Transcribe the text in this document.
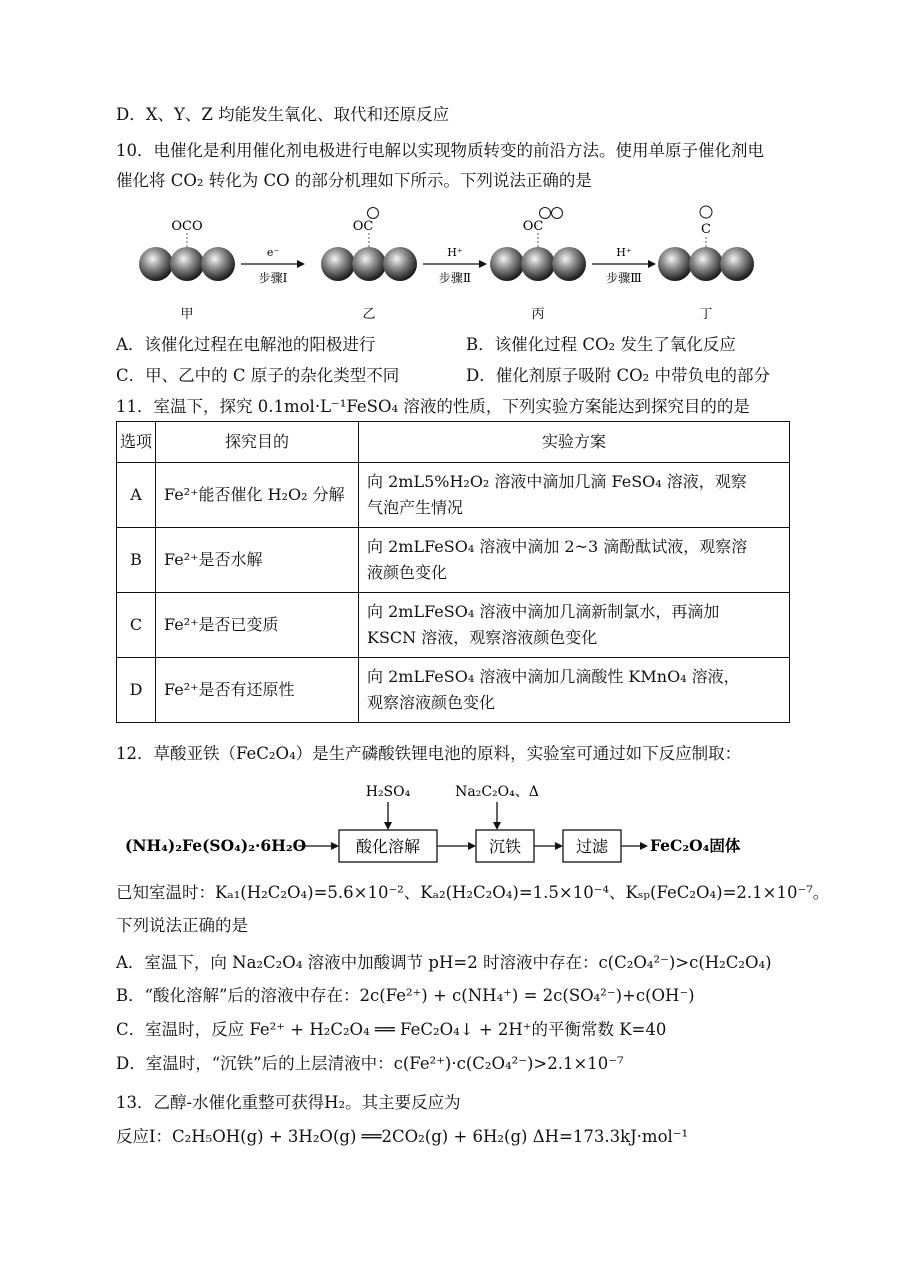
D．X、Y、Z 均能发生氧化、取代和还原反应
10．电催化是利用催化剂电极进行电解以实现物质转变的前沿方法。使用单原子催化剂电
催化将 CO₂ 转化为 CO 的部分机理如下所示。下列说法正确的是
OCO
e⁻
步骤Ⅰ
OC
H⁺
步骤Ⅱ
OC
H⁺
步骤Ⅲ
C
甲	乙	丙	丁
A．该催化过程在电解池的阳极进行	B．该催化过程 CO₂ 发生了氧化反应
C．甲、乙中的 C 原子的杂化类型不同	D．催化剂原子吸附 CO₂ 中带负电的部分
11．室温下，探究 0.1mol·L⁻¹FeSO₄ 溶液的性质，下列实验方案能达到探究目的的是
选项	探究目的	实验方案
A	Fe²⁺能否催化 H₂O₂ 分解	向 2mL5%H₂O₂ 溶液中滴加几滴 FeSO₄ 溶液，观察
气泡产生情况

B	Fe²⁺是否水解	向 2mLFeSO₄ 溶液中滴加 2~3 滴酚酞试液，观察溶
液颜色变化

C	Fe²⁺是否已变质	向 2mLFeSO₄ 溶液中滴加几滴新制氯水，再滴加
KSCN 溶液，观察溶液颜色变化

D	Fe²⁺是否有还原性	向 2mLFeSO₄ 溶液中滴加几滴酸性 KMnO₄ 溶液，
观察溶液颜色变化
12．草酸亚铁（FeC₂O₄）是生产磷酸铁锂电池的原料，实验室可通过如下反应制取：
(NH₄)₂Fe(SO₄)₂·6H₂O	酸化溶解
H₂SO₄
沉铁
Na₂C₂O₄、Δ
过滤	FeC₂O₄固体
已知室温时：Kₐ₁(H₂C₂O₄)=5.6×10⁻²、Kₐ₂(H₂C₂O₄)=1.5×10⁻⁴、Kₛₚ(FeC₂O₄)=2.1×10⁻⁷。
下列说法正确的是
A．室温下，向 Na₂C₂O₄ 溶液中加酸调节 pH=2 时溶液中存在：c(C₂O₄²⁻)>c(H₂C₂O₄)
B．“酸化溶解”后的溶液中存在：2c(Fe²⁺) + c(NH₄⁺) = 2c(SO₄²⁻)+c(OH⁻)
C．室温时，反应 Fe²⁺ + H₂C₂O₄ ══ FeC₂O₄↓ + 2H⁺的平衡常数 K=40
D．室温时，“沉铁”后的上层清液中：c(Fe²⁺)·c(C₂O₄²⁻)>2.1×10⁻⁷
13．乙醇-水催化重整可获得H₂。其主要反应为
反应Ⅰ：C₂H₅OH(g) + 3H₂O(g) ══2CO₂(g) + 6H₂(g) ΔH=173.3kJ·mol⁻¹
